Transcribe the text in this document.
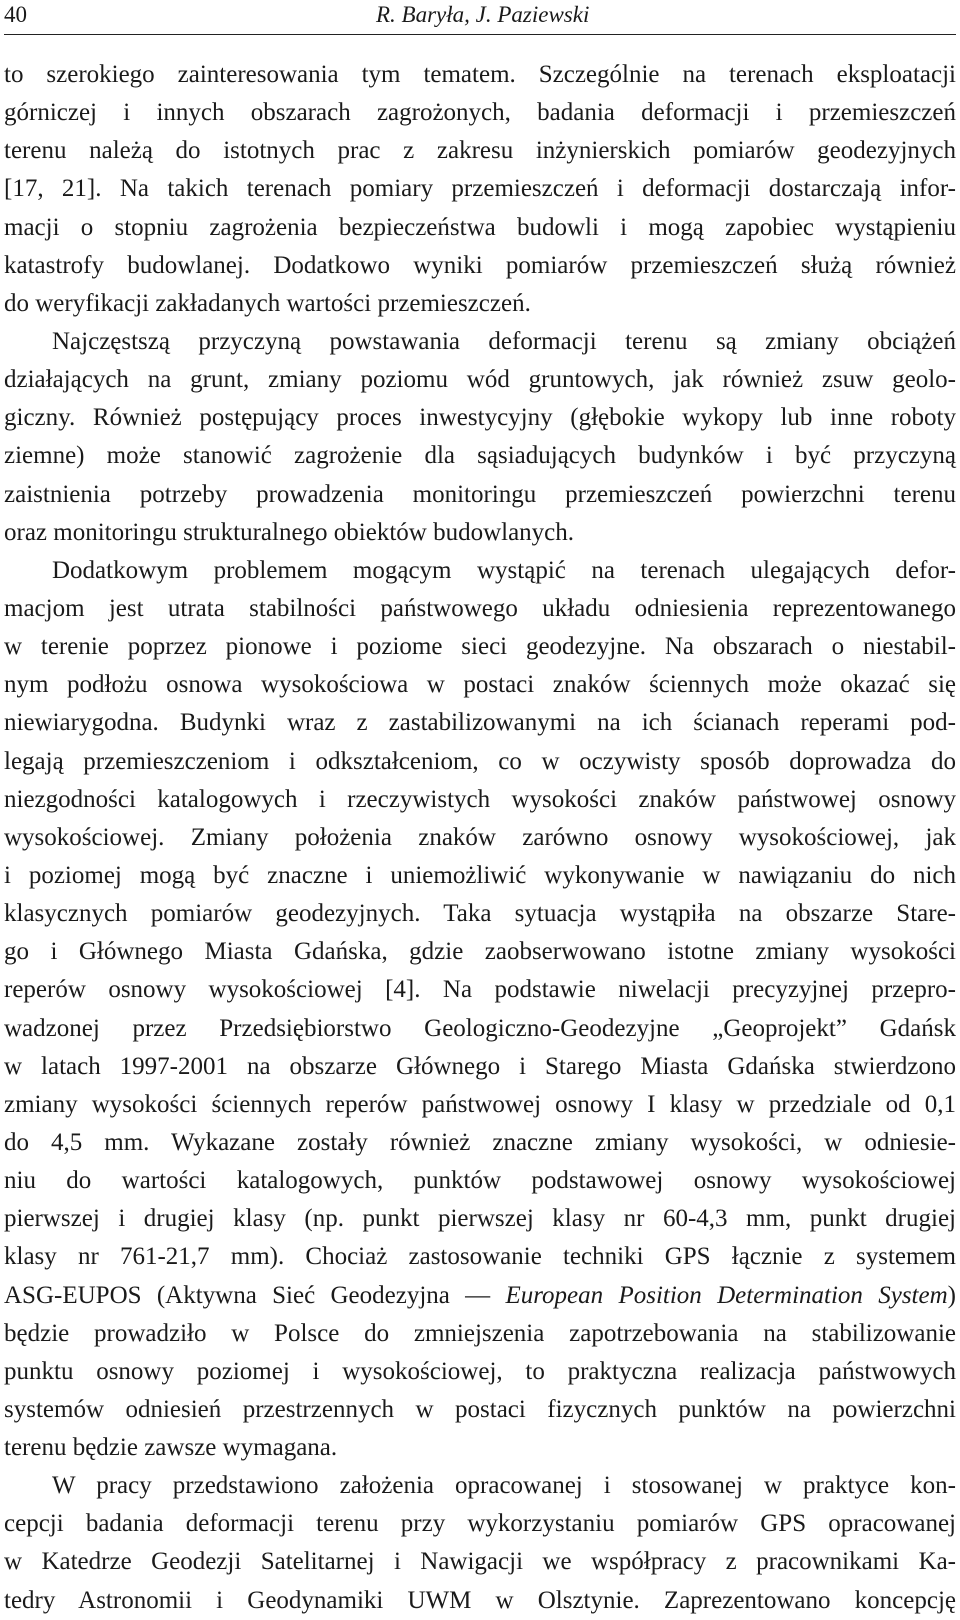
40	R. Baryła, J. Paziewski
to szerokiego zainteresowania tym tematem. Szczególnie na terenach eksploatacji
górniczej i innych obszarach zagrożonych, badania deformacji i przemieszczeń
terenu należą do istotnych prac z zakresu inżynierskich pomiarów geodezyjnych
[17, 21]. Na takich terenach pomiary przemieszczeń i deformacji dostarczają infor-
macji o stopniu zagrożenia bezpieczeństwa budowli i mogą zapobiec wystąpieniu
katastrofy budowlanej. Dodatkowo wyniki pomiarów przemieszczeń służą również
do weryfikacji zakładanych wartości przemieszczeń.
Najczęstszą przyczyną powstawania deformacji terenu są zmiany obciążeń
działających na grunt, zmiany poziomu wód gruntowych, jak również zsuw geolo-
giczny. Również postępujący proces inwestycyjny (głębokie wykopy lub inne roboty
ziemne) może stanowić zagrożenie dla sąsiadujących budynków i być przyczyną
zaistnienia potrzeby prowadzenia monitoringu przemieszczeń powierzchni terenu
oraz monitoringu strukturalnego obiektów budowlanych.
Dodatkowym problemem mogącym wystąpić na terenach ulegających defor-
macjom jest utrata stabilności państwowego układu odniesienia reprezentowanego
w terenie poprzez pionowe i poziome sieci geodezyjne. Na obszarach o niestabil-
nym podłożu osnowa wysokościowa w postaci znaków ściennych może okazać się
niewiarygodna. Budynki wraz z zastabilizowanymi na ich ścianach reperami pod-
legają przemieszczeniom i odkształceniom, co w oczywisty sposób doprowadza do
niezgodności katalogowych i rzeczywistych wysokości znaków państwowej osnowy
wysokościowej. Zmiany położenia znaków zarówno osnowy wysokościowej, jak
i poziomej mogą być znaczne i uniemożliwić wykonywanie w nawiązaniu do nich
klasycznych pomiarów geodezyjnych. Taka sytuacja wystąpiła na obszarze Stare-
go i Głównego Miasta Gdańska, gdzie zaobserwowano istotne zmiany wysokości
reperów osnowy wysokościowej [4]. Na podstawie niwelacji precyzyjnej przepro-
wadzonej przez Przedsiębiorstwo Geologiczno-Geodezyjne „Geoprojekt” Gdańsk
w latach 1997-2001 na obszarze Głównego i Starego Miasta Gdańska stwierdzono
zmiany wysokości ściennych reperów państwowej osnowy I klasy w przedziale od 0,1
do 4,5 mm. Wykazane zostały również znaczne zmiany wysokości, w odniesie-
niu do wartości katalogowych, punktów podstawowej osnowy wysokościowej
pierwszej i drugiej klasy (np. punkt pierwszej klasy nr 60-4,3 mm, punkt drugiej
klasy nr 761-21,7 mm). Chociaż zastosowanie techniki GPS łącznie z systemem
ASG-EUPOS (Aktywna Sieć Geodezyjna — European Position Determination System)
będzie prowadziło w Polsce do zmniejszenia zapotrzebowania na stabilizowanie
punktu osnowy poziomej i wysokościowej, to praktyczna realizacja państwowych
systemów odniesień przestrzennych w postaci fizycznych punktów na powierzchni
terenu będzie zawsze wymagana.
W pracy przedstawiono założenia opracowanej i stosowanej w praktyce kon-
cepcji badania deformacji terenu przy wykorzystaniu pomiarów GPS opracowanej
w Katedrze Geodezji Satelitarnej i Nawigacji we współpracy z pracownikami Ka-
tedry Astronomii i Geodynamiki UWM w Olsztynie. Zaprezentowano koncepcję
